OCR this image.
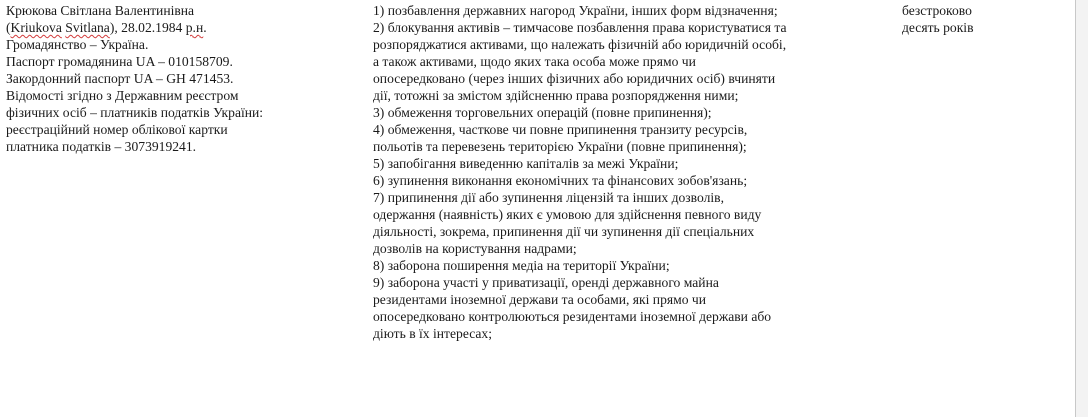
Крюкова Світлана Валентинівна
(Kriukova Svitlana), 28.02.1984 р.н.
Громадянство – Україна.
Паспорт громадянина UA – 010158709.
Закордонний паспорт UA – GH 471453.
Відомості згідно з Державним реєстром
фізичних осіб – платників податків України:
реєстраційний номер облікової картки
платника податків – 3073919241.
1) позбавлення державних нагород України, інших форм відзначення;
2) блокування активів – тимчасове позбавлення права користуватися та
розпоряджатися активами, що належать фізичній або юридичній особі,
а також активами, щодо яких така особа може прямо чи
опосередковано (через інших фізичних або юридичних осіб) вчиняти
дії, тотожні за змістом здійсненню права розпорядження ними;
3) обмеження торговельних операцій (повне припинення);
4) обмеження, часткове чи повне припинення транзиту ресурсів,
польотів та перевезень територією України (повне припинення);
5) запобігання виведенню капіталів за межі України;
6) зупинення виконання економічних та фінансових зобов'язань;
7) припинення дії або зупинення ліцензій та інших дозволів,
одержання (наявність) яких є умовою для здійснення певного виду
діяльності, зокрема, припинення дії чи зупинення дії спеціальних
дозволів на користування надрами;
8) заборона поширення медіа на території України;
9) заборона участі у приватизації, оренді державного майна
резидентами іноземної держави та особами, які прямо чи
опосередковано контролюються резидентами іноземної держави або
діють в їх інтересах;
безстроково
десять років
